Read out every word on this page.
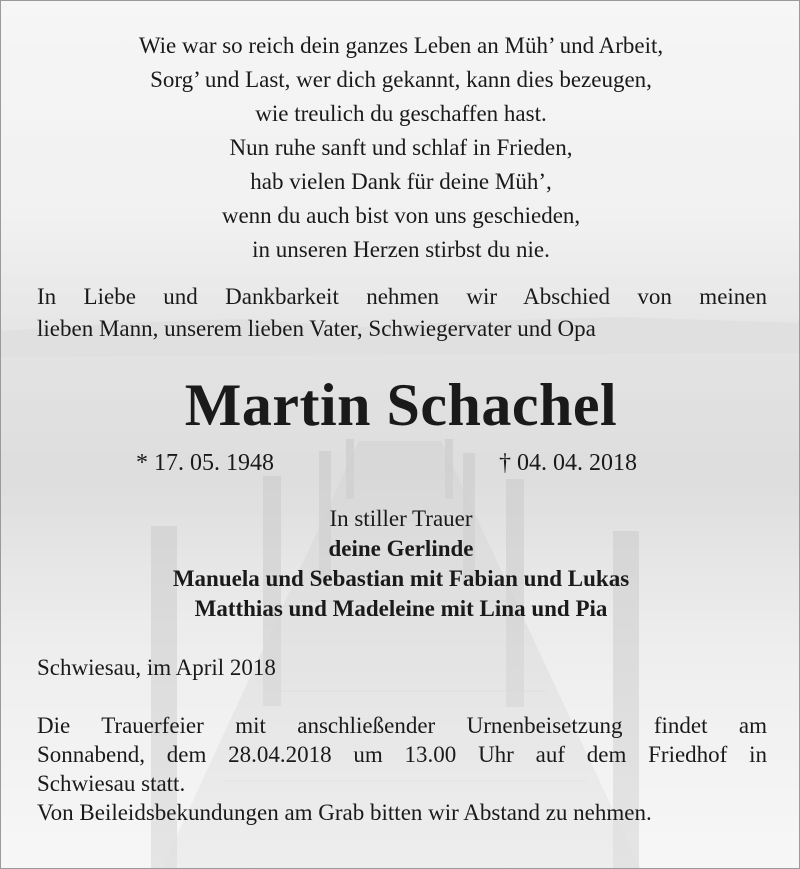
Wie war so reich dein ganzes Leben an Müh’ und Arbeit,
Sorg’ und Last, wer dich gekannt, kann dies bezeugen,
wie treulich du geschaffen hast.
Nun ruhe sanft und schlaf in Frieden,
hab vielen Dank für deine Müh’,
wenn du auch bist von uns geschieden,
in unseren Herzen stirbst du nie.
In Liebe und Dankbarkeit nehmen wir Abschied von meinen
lieben Mann, unserem lieben Vater, Schwiegervater und Opa
Martin Schachel
* 17. 05. 1948	† 04. 04. 2018
In stiller Trauer
deine Gerlinde
Manuela und Sebastian mit Fabian und Lukas
Matthias und Madeleine mit Lina und Pia
Schwiesau, im April 2018
Die Trauerfeier mit anschließender Urnenbeisetzung findet am
Sonnabend, dem 28.04.2018 um 13.00 Uhr auf dem Friedhof in
Schwiesau statt.
Von Beileidsbekundungen am Grab bitten wir Abstand zu nehmen.
